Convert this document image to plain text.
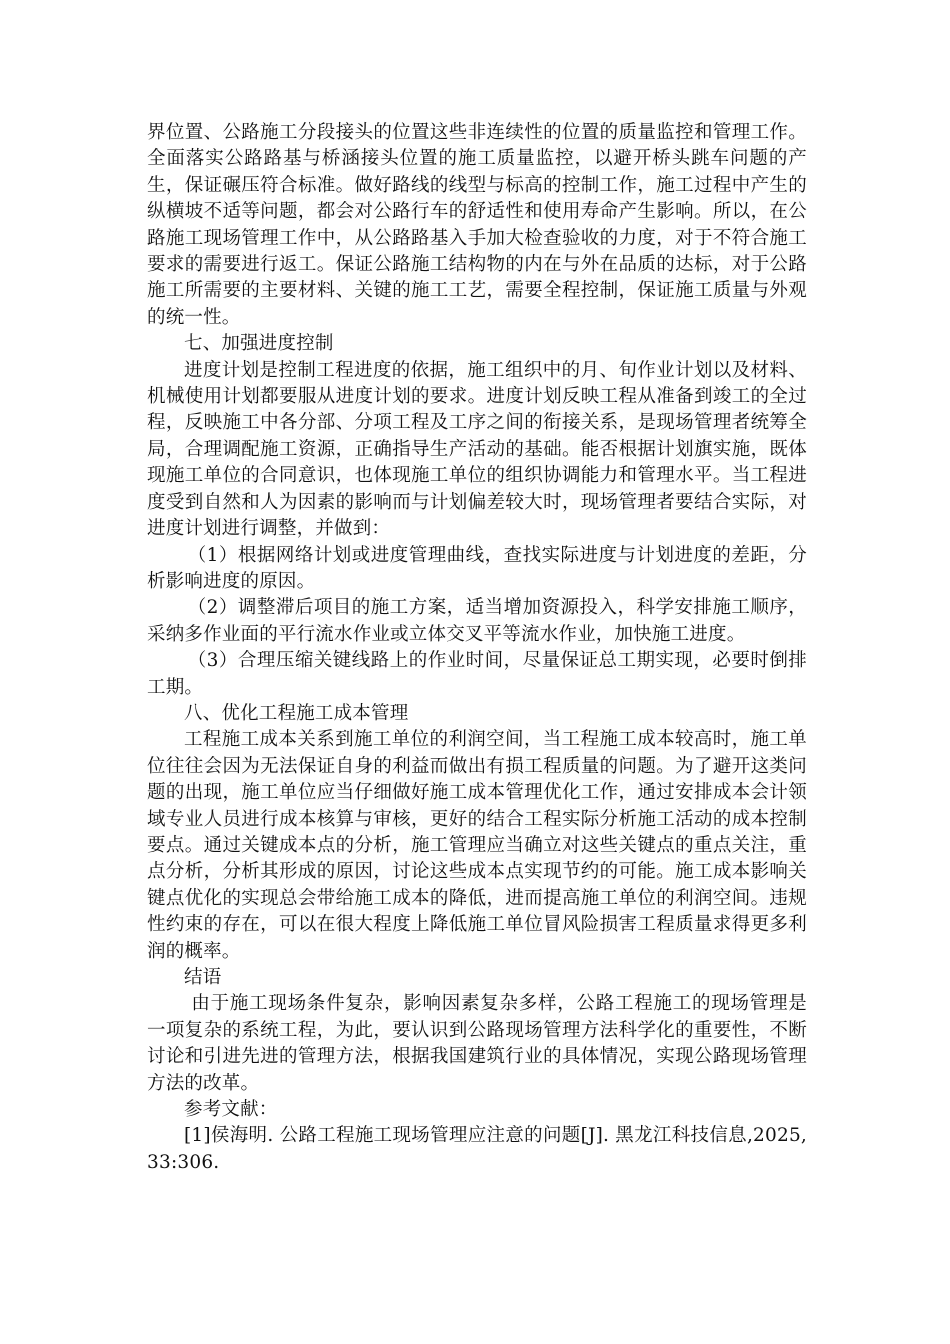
界位置、公路施工分段接头的位置这些非连续性的位置的质量监控和管理工作。全面落实公路路基与桥涵接头位置的施工质量监控，以避开桥头跳车问题的产生，保证碾压符合标准。做好路线的线型与标高的控制工作，施工过程中产生的纵横坡不适等问题，都会对公路行车的舒适性和使用寿命产生影响。所以，在公路施工现场管理工作中，从公路路基入手加大检查验收的力度，对于不符合施工要求的需要进行返工。保证公路施工结构物的内在与外在品质的达标，对于公路施工所需要的主要材料、关键的施工工艺，需要全程控制，保证施工质量与外观的统一性。

七、加强进度控制

进度计划是控制工程进度的依据，施工组织中的月、旬作业计划以及材料、机械使用计划都要服从进度计划的要求。进度计划反映工程从准备到竣工的全过程，反映施工中各分部、分项工程及工序之间的衔接关系，是现场管理者统筹全局，合理调配施工资源，正确指导生产活动的基础。能否根据计划旗实施，既体现施工单位的合同意识，也体现施工单位的组织协调能力和管理水平。当工程进度受到自然和人为因素的影响而与计划偏差较大时，现场管理者要结合实际，对进度计划进行调整，并做到：

（1）根据网络计划或进度管理曲线，查找实际进度与计划进度的差距，分析影响进度的原因。

（2）调整滞后项目的施工方案，适当增加资源投入，科学安排施工顺序，采纳多作业面的平行流水作业或立体交叉平等流水作业，加快施工进度。

（3）合理压缩关键线路上的作业时间，尽量保证总工期实现，必要时倒排工期。

八、优化工程施工成本管理

工程施工成本关系到施工单位的利润空间，当工程施工成本较高时，施工单位往往会因为无法保证自身的利益而做出有损工程质量的问题。为了避开这类问题的出现，施工单位应当仔细做好施工成本管理优化工作，通过安排成本会计领域专业人员进行成本核算与审核，更好的结合工程实际分析施工活动的成本控制要点。通过关键成本点的分析，施工管理应当确立对这些关键点的重点关注，重点分析，分析其形成的原因，讨论这些成本点实现节约的可能。施工成本影响关键点优化的实现总会带给施工成本的降低，进而提高施工单位的利润空间。违规性约束的存在，可以在很大程度上降低施工单位冒风险损害工程质量求得更多利润的概率。

结语

由于施工现场条件复杂，影响因素复杂多样，公路工程施工的现场管理是一项复杂的系统工程，为此，要认识到公路现场管理方法科学化的重要性，不断讨论和引进先进的管理方法，根据我国建筑行业的具体情况，实现公路现场管理方法的改革。

参考文献：

[1]侯海明. 公路工程施工现场管理应注意的问题[J]. 黑龙江科技信息,2025,33:306.
